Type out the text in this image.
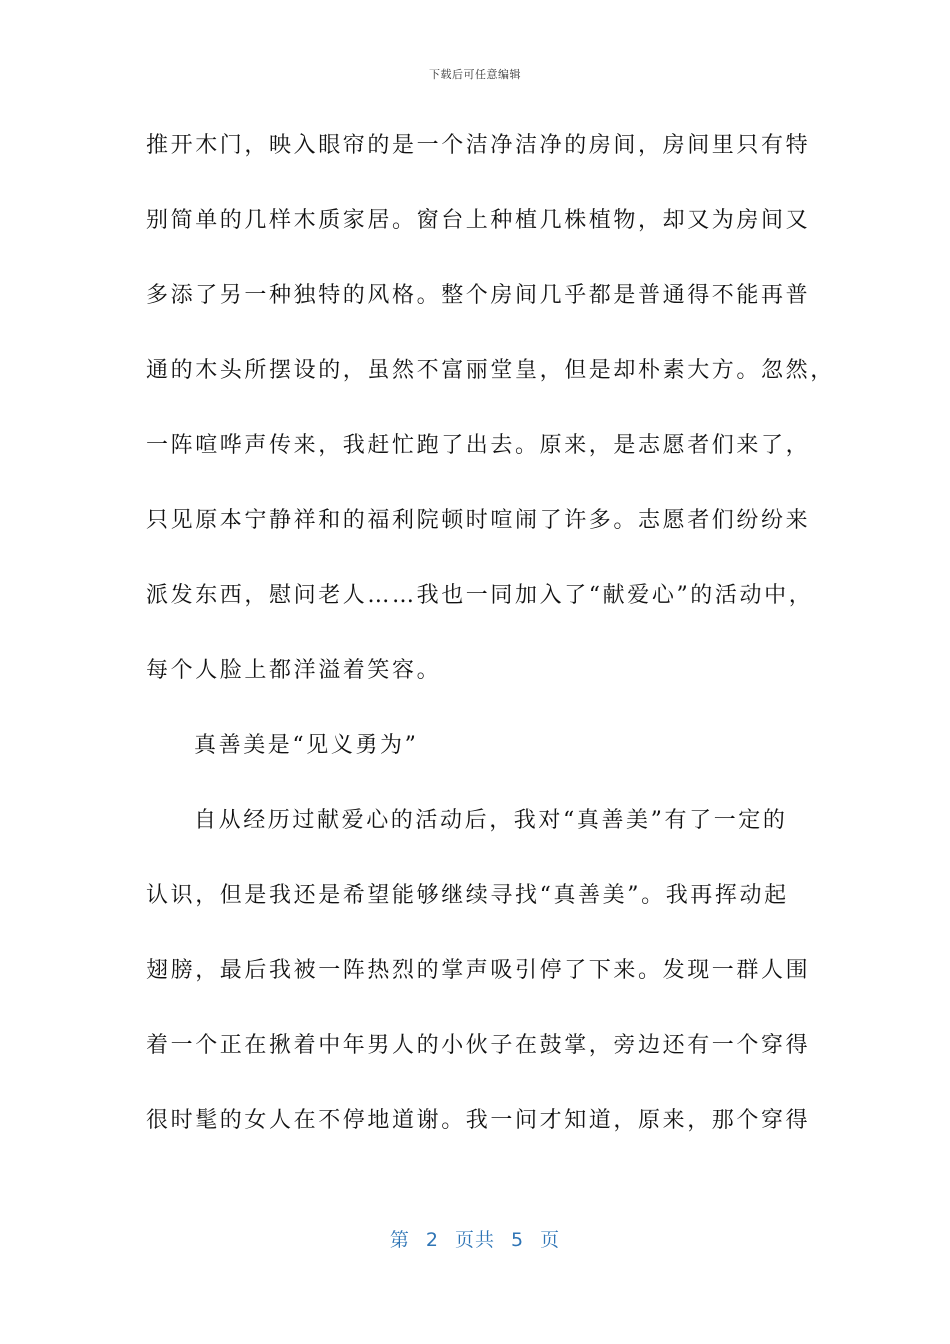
下载后可任意编辑
推开木门，映入眼帘的是一个洁净洁净的房间，房间里只有特
别简单的几样木质家居。窗台上种植几株植物，却又为房间又
多添了另一种独特的风格。整个房间几乎都是普通得不能再普
通的木头所摆设的，虽然不富丽堂皇，但是却朴素大方。忽然，
一阵喧哗声传来，我赶忙跑了出去。原来，是志愿者们来了，
只见原本宁静祥和的福利院顿时喧闹了许多。志愿者们纷纷来
派发东西，慰问老人……我也一同加入了“献爱心”的活动中，
每个人脸上都洋溢着笑容。
真善美是“见义勇为”
自从经历过献爱心的活动后，我对“真善美”有了一定的
认识，但是我还是希望能够继续寻找“真善美”。我再挥动起
翅膀，最后我被一阵热烈的掌声吸引停了下来。发现一群人围
着一个正在揪着中年男人的小伙子在鼓掌，旁边还有一个穿得
很时髦的女人在不停地道谢。我一问才知道，原来，那个穿得
第 2 页共 5 页
